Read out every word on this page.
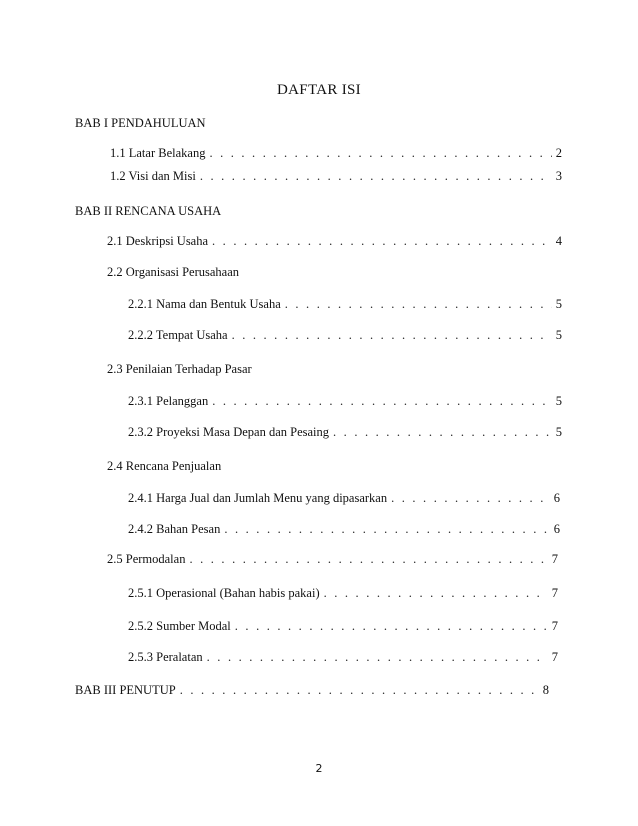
DAFTAR ISI
BAB I PENDAHULUAN
1.1 Latar Belakang . . .	2
1.2 Visi dan Misi . . .	3
BAB II RENCANA USAHA
2.1 Deskripsi Usaha . . .	4
2.2 Organisasi Perusahaan
2.2.1 Nama dan Bentuk Usaha . . .	5
2.2.2 Tempat Usaha . . .	5
2.3 Penilaian Terhadap Pasar
2.3.1 Pelanggan . . .	5
2.3.2 Proyeksi Masa Depan dan Pesaing . . .	5
2.4 Rencana Penjualan
2.4.1 Harga Jual dan Jumlah Menu yang dipasarkan . . .	6
2.4.2 Bahan Pesan . . .	6
2.5 Permodalan . . .	7
2.5.1 Operasional (Bahan habis pakai) . . .	7
2.5.2 Sumber Modal . . .	7
2.5.3 Peralatan . . .	7
BAB III PENUTUP . . .	8
2
